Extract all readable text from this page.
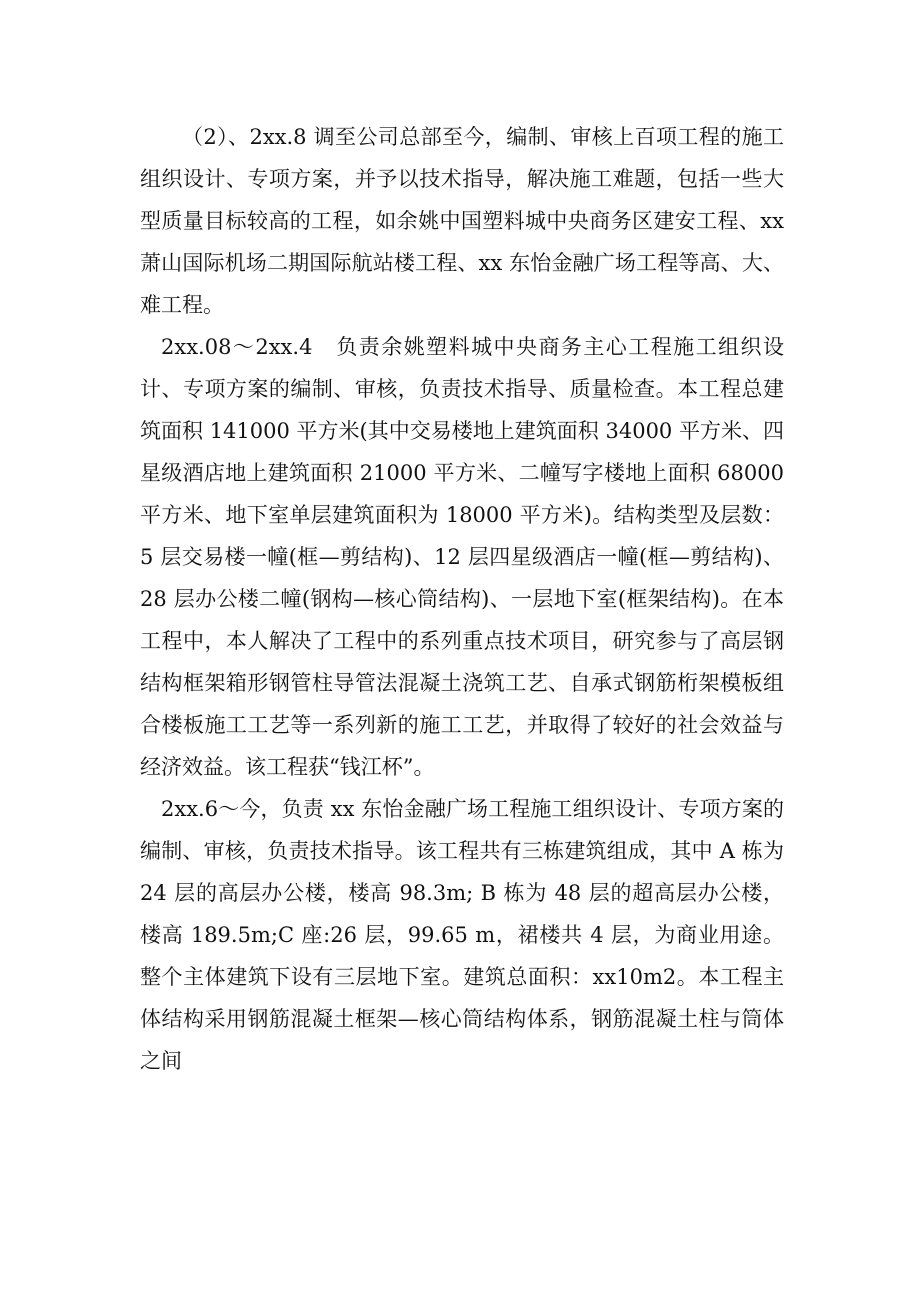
（2）、2xx.8 调至公司总部至今，编制、审核上百项工程的施工组织设计、专项方案，并予以技术指导，解决施工难题，包括一些大型质量目标较高的工程，如余姚中国塑料城中央商务区建安工程、xx 萧山国际机场二期国际航站楼工程、xx 东怡金融广场工程等高、大、难工程。

2xx.08～2xx.4　负责余姚塑料城中央商务主心工程施工组织设计、专项方案的编制、审核，负责技术指导、质量检查。本工程总建筑面积 141000 平方米(其中交易楼地上建筑面积 34000 平方米、四星级酒店地上建筑面积 21000 平方米、二幢写字楼地上面积 68000 平方米、地下室单层建筑面积为 18000 平方米)。结构类型及层数：5 层交易楼一幢(框—剪结构)、12 层四星级酒店一幢(框—剪结构)、28 层办公楼二幢(钢构—核心筒结构)、一层地下室(框架结构)。在本工程中，本人解决了工程中的系列重点技术项目，研究参与了高层钢结构框架箱形钢管柱导管法混凝土浇筑工艺、自承式钢筋桁架模板组合楼板施工工艺等一系列新的施工工艺，并取得了较好的社会效益与经济效益。该工程获“钱江杯”。

2xx.6～今，负责 xx 东怡金融广场工程施工组织设计、专项方案的编制、审核，负责技术指导。该工程共有三栋建筑组成，其中 A 栋为 24 层的高层办公楼，楼高 98.3m; B 栋为 48 层的超高层办公楼，楼高 189.5m;C 座:26 层，99.65 m，裙楼共 4 层，为商业用途。整个主体建筑下设有三层地下室。建筑总面积：xx10m2。本工程主体结构采用钢筋混凝土框架—核心筒结构体系，钢筋混凝土柱与筒体之间
